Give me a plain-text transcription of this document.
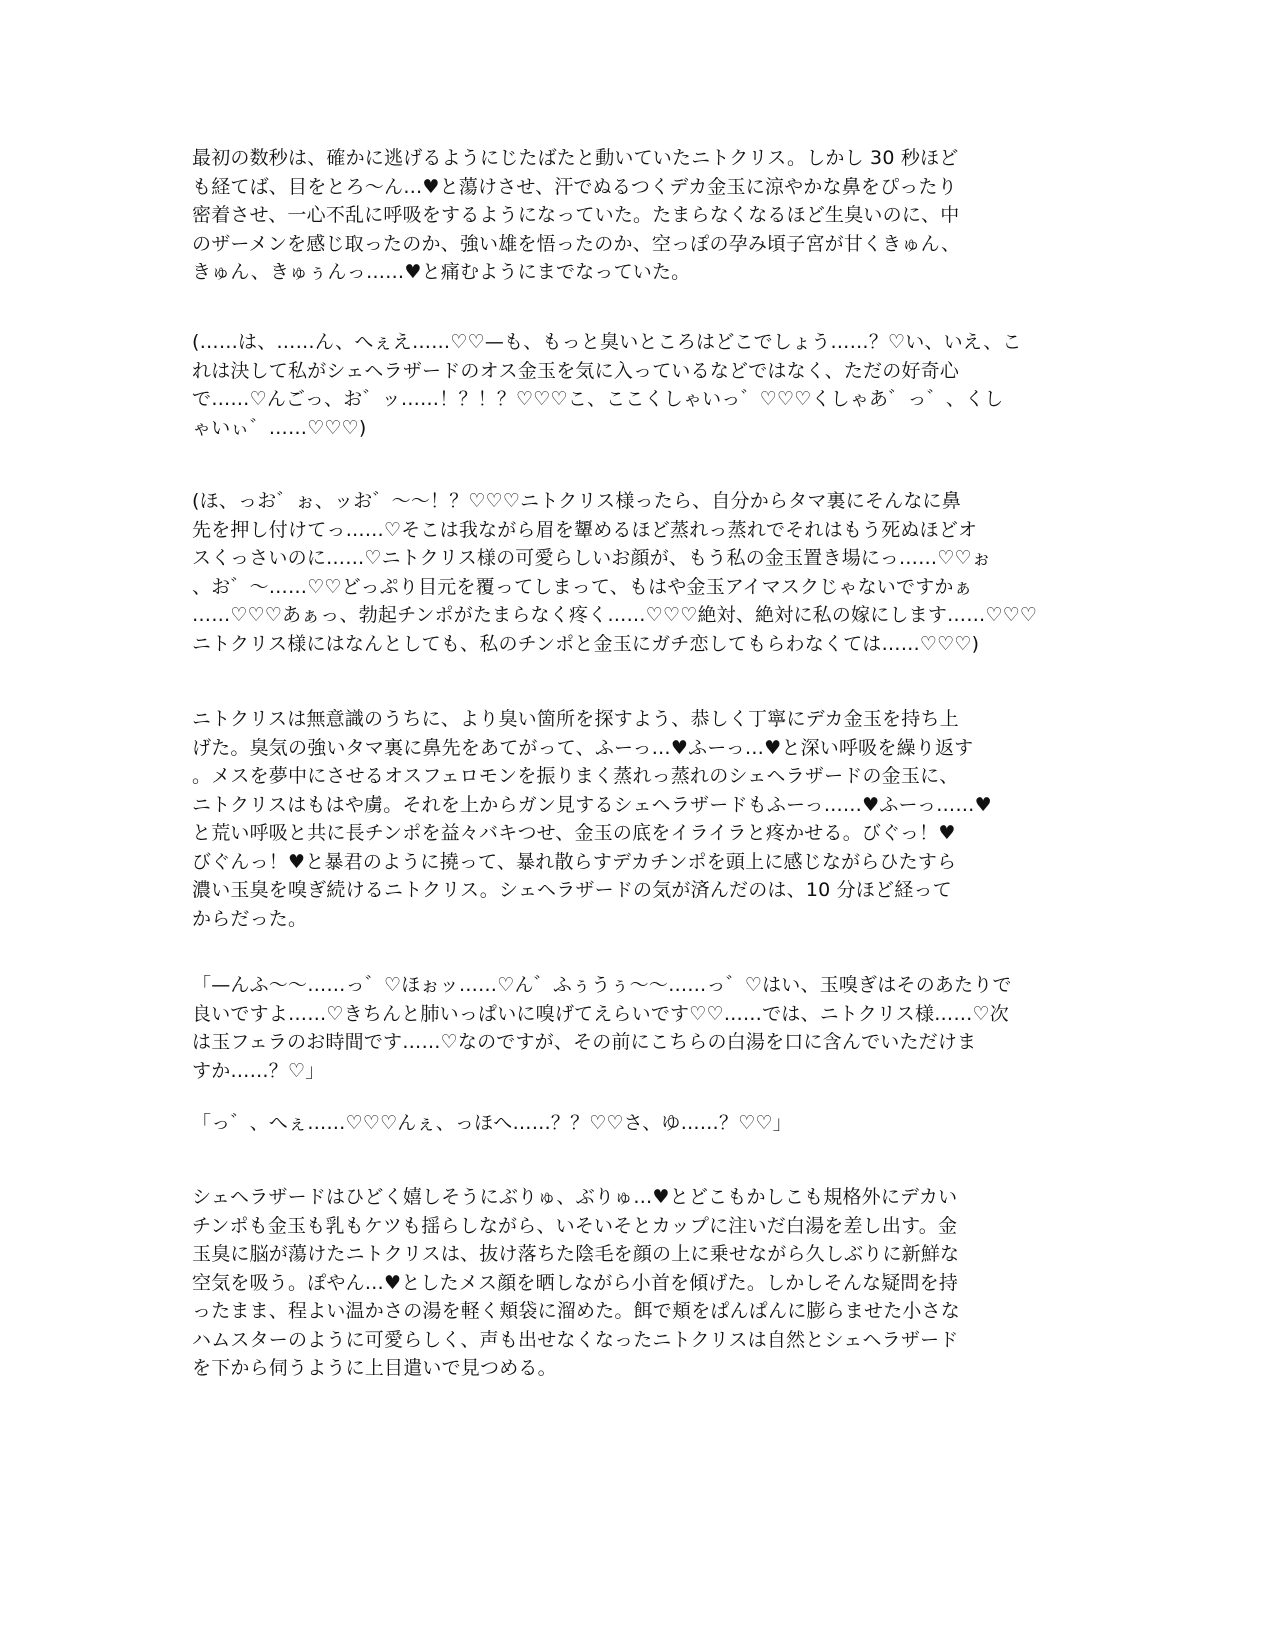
最初の数秒は、確かに逃げるようにじたばたと動いていたニトクリス。しかし 30 秒ほど
も経てば、目をとろ〜ん…♥と蕩けさせ、汗でぬるつくデカ金玉に涼やかな鼻をぴったり
密着させ、一心不乱に呼吸をするようになっていた。たまらなくなるほど生臭いのに、中
のザーメンを感じ取ったのか、強い雄を悟ったのか、空っぽの孕み頃子宮が甘くきゅん、
きゅん、きゅぅんっ……♥と痛むようにまでなっていた。
(……は、……ん、へぇえ……♡♡—も、もっと臭いところはどこでしょう……？♡い、いえ、こ
れは決して私がシェヘラザードのオス金玉を気に入っているなどではなく、ただの好奇心
で……♡んごっ、お゛ッ……！？！？♡♡♡こ、ここくしゃいっ゛♡♡♡くしゃあ゛っ゛、くし
ゃいぃ゛……♡♡♡)
(ほ、っお゛ぉ、ッお゛〜〜！？♡♡♡ニトクリス様ったら、自分からタマ裏にそんなに鼻
先を押し付けてっ……♡そこは我ながら眉を顰めるほど蒸れっ蒸れでそれはもう死ぬほどオ
スくっさいのに……♡ニトクリス様の可愛らしいお顔が、もう私の金玉置き場にっ……♡♡ぉ
、お゛〜……♡♡どっぷり目元を覆ってしまって、もはや金玉アイマスクじゃないですかぁ
……♡♡♡あぁっ、勃起チンポがたまらなく疼く……♡♡♡絶対、絶対に私の嫁にします……♡♡♡
ニトクリス様にはなんとしても、私のチンポと金玉にガチ恋してもらわなくては……♡♡♡)
ニトクリスは無意識のうちに、より臭い箇所を探すよう、恭しく丁寧にデカ金玉を持ち上
げた。臭気の強いタマ裏に鼻先をあてがって、ふーっ…♥ふーっ…♥と深い呼吸を繰り返す
。メスを夢中にさせるオスフェロモンを振りまく蒸れっ蒸れのシェヘラザードの金玉に、
ニトクリスはもはや虜。それを上からガン見するシェヘラザードもふーっ……♥ふーっ……♥
と荒い呼吸と共に長チンポを益々バキつせ、金玉の底をイライラと疼かせる。びぐっ！♥
びぐんっ！♥と暴君のように撓って、暴れ散らすデカチンポを頭上に感じながらひたすら
濃い玉臭を嗅ぎ続けるニトクリス。シェヘラザードの気が済んだのは、10 分ほど経って
からだった。
「—んふ〜〜……っ゛♡ほぉッ……♡ん゛ふぅうぅ〜〜……っ゛♡はい、玉嗅ぎはそのあたりで
良いですよ……♡きちんと肺いっぱいに嗅げてえらいです♡♡……では、ニトクリス様……♡次
は玉フェラのお時間です……♡なのですが、その前にこちらの白湯を口に含んでいただけま
すか……？♡」
「っ゛、へぇ……♡♡♡んぇ、っほへ……？？♡♡さ、ゆ……？♡♡」
シェヘラザードはひどく嬉しそうにぶりゅ、ぶりゅ…♥とどこもかしこも規格外にデカい
チンポも金玉も乳もケツも揺らしながら、いそいそとカップに注いだ白湯を差し出す。金
玉臭に脳が蕩けたニトクリスは、抜け落ちた陰毛を顔の上に乗せながら久しぶりに新鮮な
空気を吸う。ぽやん…♥としたメス顔を晒しながら小首を傾げた。しかしそんな疑問を持
ったまま、程よい温かさの湯を軽く頬袋に溜めた。餌で頬をぱんぱんに膨らませた小さな
ハムスターのように可愛らしく、声も出せなくなったニトクリスは自然とシェヘラザード
を下から伺うように上目遣いで見つめる。
